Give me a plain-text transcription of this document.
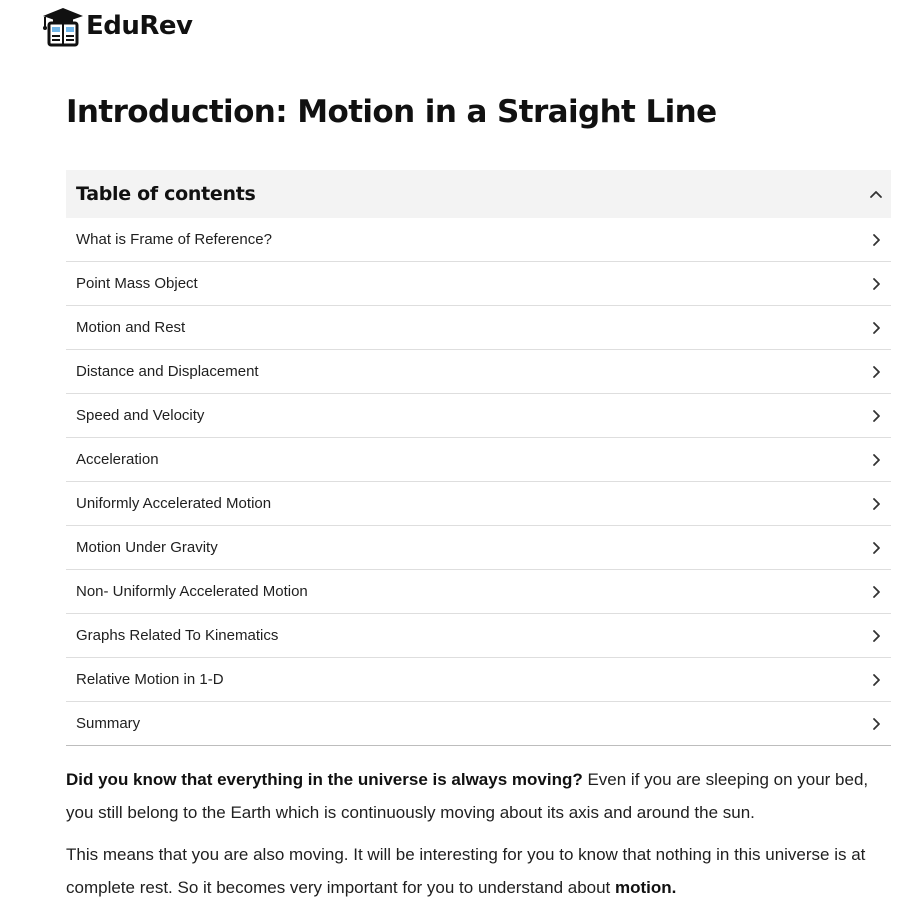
EduRev
Introduction: Motion in a Straight Line
Table of contents
What is Frame of Reference?
Point Mass Object
Motion and Rest
Distance and Displacement
Speed and Velocity
Acceleration
Uniformly Accelerated Motion
Motion Under Gravity
Non- Uniformly Accelerated Motion
Graphs Related To Kinematics
Relative Motion in 1-D
Summary

Did you know that everything in the universe is always moving? Even if you are sleeping on your bed, you still belong to the Earth which is continuously moving about its axis and around the sun.

This means that you are also moving. It will be interesting for you to know that nothing in this universe is at complete rest. So it becomes very important for you to understand about motion.
